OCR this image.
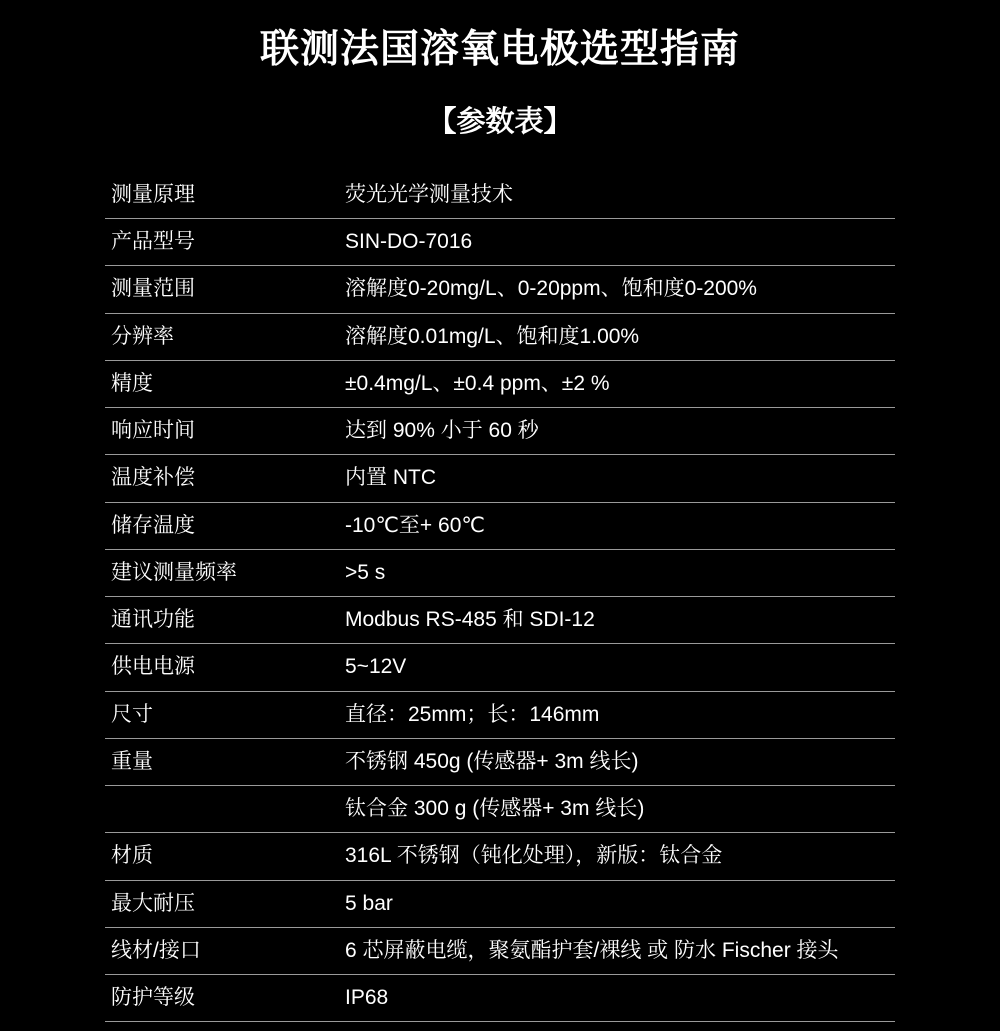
联测法国溶氧电极选型指南
【参数表】
测量原理	荧光光学测量技术
产品型号	SIN-DO-7016
测量范围	溶解度0-20mg/L、0-20ppm、饱和度0-200%
分辨率	溶解度0.01mg/L、饱和度1.00%
精度	±0.4mg/L、±0.4 ppm、±2 %
响应时间	达到 90% 小于 60 秒
温度补偿	内置 NTC
储存温度	-10℃至+ 60℃
建议测量频率	>5 s
通讯功能	Modbus RS-485 和 SDI-12
供电电源	5~12V
尺寸	直径：25mm；长：146mm
重量	不锈钢 450g (传感器+ 3m 线长)
	钛合金 300 g (传感器+ 3m 线长)
材质	316L 不锈钢（钝化处理），新版：钛合金
最大耐压	5 bar
线材/接口	6 芯屏蔽电缆，聚氨酯护套/裸线 或 防水 Fischer 接头
防护等级	IP68
